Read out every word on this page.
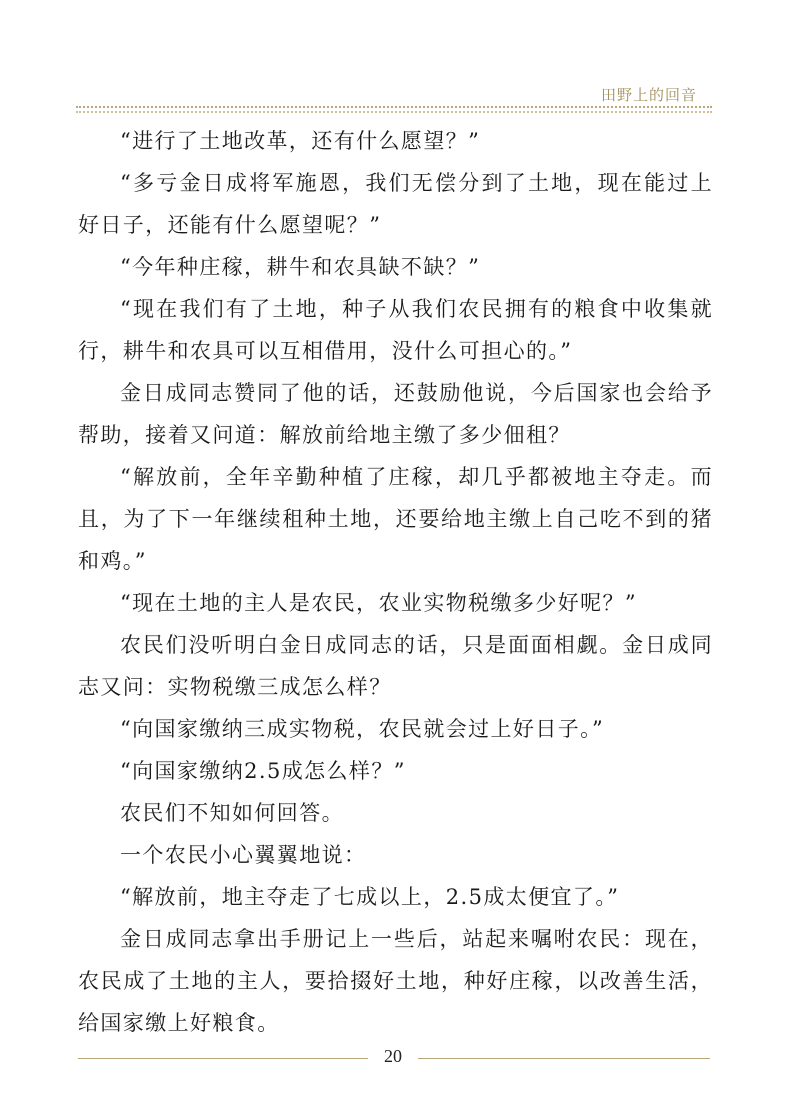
田野上的回音

“进行了土地改革，还有什么愿望？”

“多亏金日成将军施恩，我们无偿分到了土地，现在能过上好日子，还能有什么愿望呢？”

“今年种庄稼，耕牛和农具缺不缺？”

“现在我们有了土地，种子从我们农民拥有的粮食中收集就行，耕牛和农具可以互相借用，没什么可担心的。”

金日成同志赞同了他的话，还鼓励他说，今后国家也会给予帮助，接着又问道：解放前给地主缴了多少佃租？

“解放前，全年辛勤种植了庄稼，却几乎都被地主夺走。而且，为了下一年继续租种土地，还要给地主缴上自己吃不到的猪和鸡。”

“现在土地的主人是农民，农业实物税缴多少好呢？”

农民们没听明白金日成同志的话，只是面面相觑。金日成同志又问：实物税缴三成怎么样？

“向国家缴纳三成实物税，农民就会过上好日子。”

“向国家缴纳2.5成怎么样？”

农民们不知如何回答。

一个农民小心翼翼地说：

“解放前，地主夺走了七成以上，2.5成太便宜了。”

金日成同志拿出手册记上一些后，站起来嘱咐农民：现在，农民成了土地的主人，要拾掇好土地，种好庄稼，以改善生活，给国家缴上好粮食。

20
